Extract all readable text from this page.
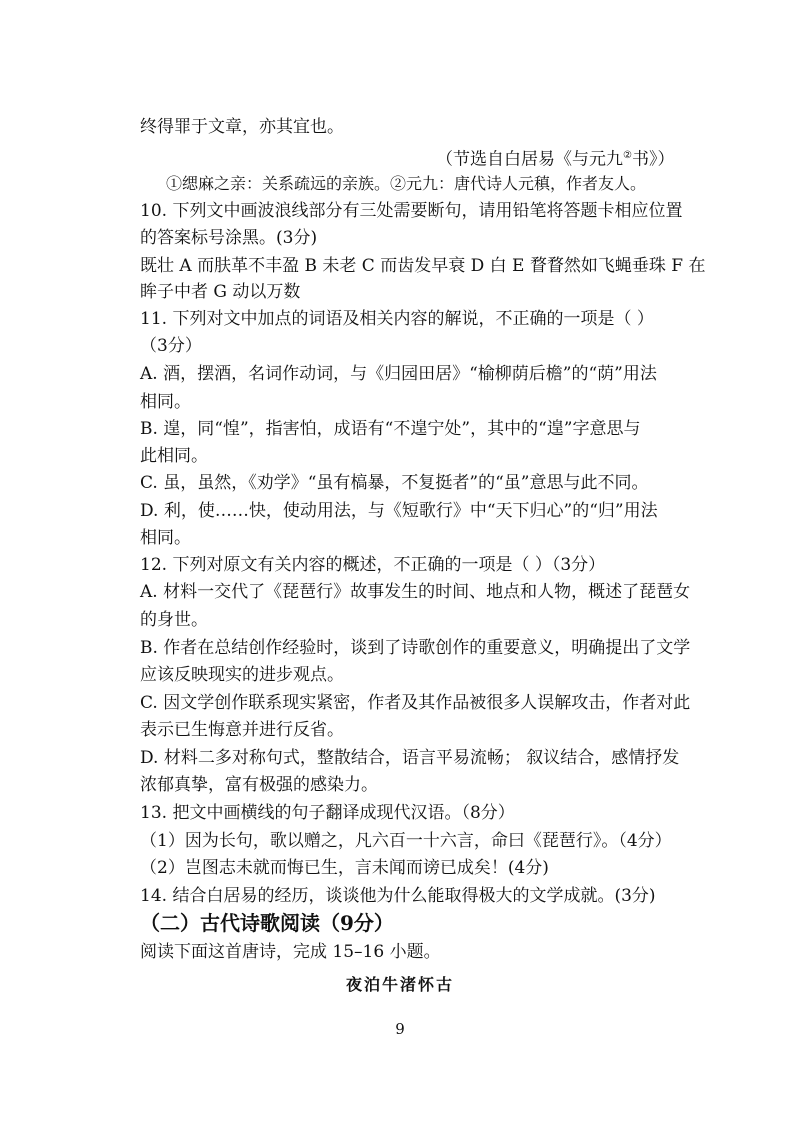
终得罪于文章，亦其宜也。
（节选自白居易《与元九②书》）
①缌麻之亲：关系疏远的亲族。②元九：唐代诗人元稹，作者友人。
10. 下列文中画波浪线部分有三处需要断句，请用铅笔将答题卡相应位置
的答案标号涂黑。(3分)
既壮 A 而肤革不丰盈 B 未老 C 而齿发早衰 D 白 E 瞀瞀然如飞蝇垂珠 F 在
眸子中者 G 动以万数
11. 下列对文中加点的词语及相关内容的解说，不正确的一项是（ ）
（3分）
A. 酒，摆酒，名词作动词，与《归园田居》“榆柳荫后檐”的“荫”用法
相同。
B. 遑，同“惶”，指害怕，成语有“不遑宁处”，其中的“遑”字意思与
此相同。
C. 虽，虽然，《劝学》“虽有槁暴，不复挺者”的“虽”意思与此不同。
D. 利，使……快，使动用法，与《短歌行》中“天下归心”的“归”用法
相同。
12. 下列对原文有关内容的概述，不正确的一项是（ ）（3分）
A. 材料一交代了《琵琶行》故事发生的时间、地点和人物，概述了琵琶女
的身世。
B. 作者在总结创作经验时，谈到了诗歌创作的重要意义，明确提出了文学
应该反映现实的进步观点。
C. 因文学创作联系现实紧密，作者及其作品被很多人误解攻击，作者对此
表示已生悔意并进行反省。
D. 材料二多对称句式，整散结合，语言平易流畅； 叙议结合，感情抒发
浓郁真挚，富有极强的感染力。
13. 把文中画横线的句子翻译成现代汉语。（8分）
（1）因为长句，歌以赠之，凡六百一十六言，命曰《琵琶行》。（4分）
（2）岂图志未就而悔已生，言未闻而谤已成矣！(4分)
14. 结合白居易的经历，谈谈他为什么能取得极大的文学成就。(3分)
（二）古代诗歌阅读（9分）
阅读下面这首唐诗，完成 15–16 小题。
夜泊牛渚怀古
9
